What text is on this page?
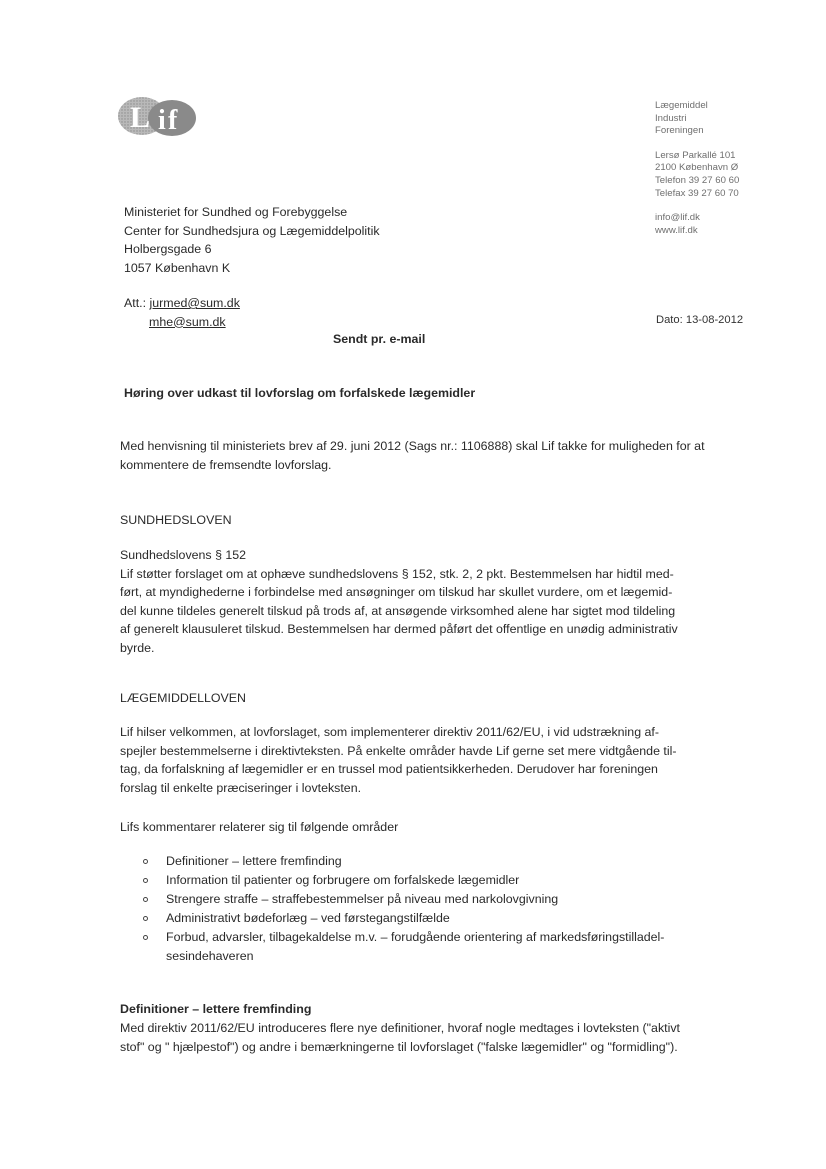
L i f	Lægemiddel
Industri
Foreningen
Lersø Parkallé 101
2100 København Ø
Telefon 39 27 60 60
Telefax 39 27 60 70
info@lif.dk
www.lif.dk
Ministeriet for Sundhed og Forebyggelse
Center for Sundhedsjura og Lægemiddelpolitik
Holbergsgade 6
1057 København K
Att.: jurmed@sum.dk
mhe@sum.dk	Dato: 13-08-2012
Sendt pr. e-mail
Høring over udkast til lovforslag om forfalskede lægemidler
Med henvisning til ministeriets brev af 29. juni 2012 (Sags nr.: 1106888) skal Lif takke for muligheden for at kommentere de fremsendte lovforslag.
SUNDHEDSLOVEN
Sundhedslovens § 152
Lif støtter forslaget om at ophæve sundhedslovens § 152, stk. 2, 2 pkt. Bestemmelsen har hidtil med-
ført, at myndighederne i forbindelse med ansøgninger om tilskud har skullet vurdere, om et lægemid-
del kunne tildeles generelt tilskud på trods af, at ansøgende virksomhed alene har sigtet mod tildeling
af generelt klausuleret tilskud. Bestemmelsen har dermed påført det offentlige en unødig administrativ
byrde.
LÆGEMIDDELLOVEN
Lif hilser velkommen, at lovforslaget, som implementerer direktiv 2011/62/EU, i vid udstrækning af-
spejler bestemmelserne i direktivteksten. På enkelte områder havde Lif gerne set mere vidtgående til-
tag, da forfalskning af lægemidler er en trussel mod patientsikkerheden. Derudover har foreningen
forslag til enkelte præciseringer i lovteksten.
Lifs kommentarer relaterer sig til følgende områder
Definitioner – lettere fremfinding
Information til patienter og forbrugere om forfalskede lægemidler
Strengere straffe – straffebestemmelser på niveau med narkolovgivning
Administrativt bødeforlæg – ved førstegangstilfælde
Forbud, advarsler, tilbagekaldelse m.v. – forudgående orientering af markedsføringstilladel-
sesindehaveren
Definitioner – lettere fremfinding
Med direktiv 2011/62/EU introduceres flere nye definitioner, hvoraf nogle medtages i lovteksten ("aktivt
stof" og " hjælpestof") og andre i bemærkningerne til lovforslaget ("falske lægemidler" og "formidling").
